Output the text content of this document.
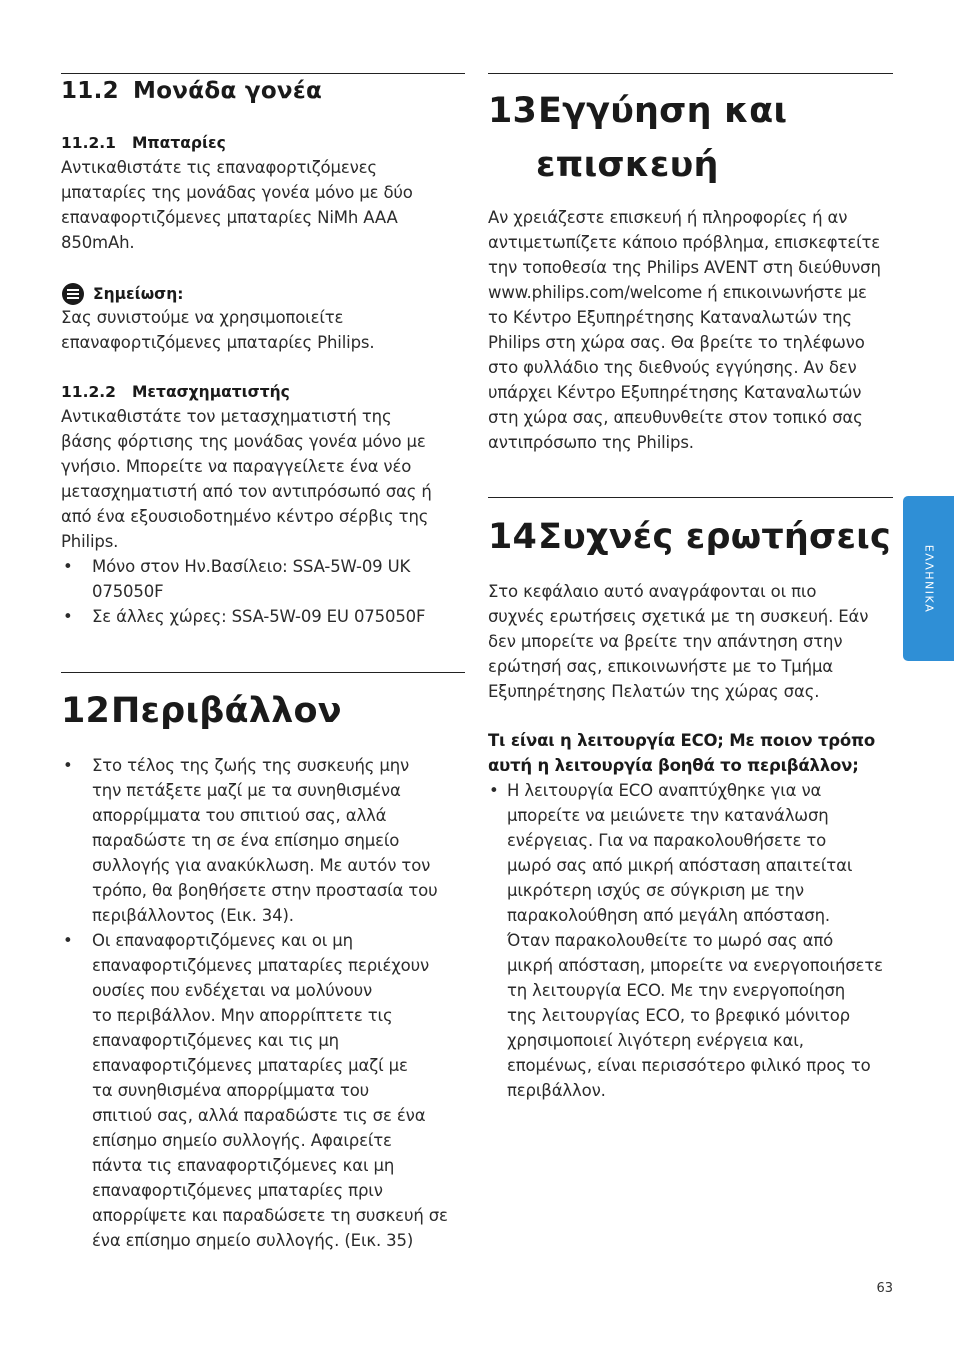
11.2 Μονάδα γονέα
11.2.1 Μπαταρίες

Αντικαθιστάτε τις επαναφορτιζόμενες

μπαταρίες της μονάδας γονέα μόνο με δύο

επαναφορτιζόμενες μπαταρίες NiMh AAA

850mAh.

Σημείωση:

Σας συνιστούμε να χρησιμοποιείτε

επαναφορτιζόμενες μπαταρίες Philips.

11.2.2 Μετασχηματιστής

Αντικαθιστάτε τον μετασχηματιστή της

βάσης φόρτισης της μονάδας γονέα μόνο με

γνήσιο. Μπορείτε να παραγγείλετε ένα νέο

μετασχηματιστή από τον αντιπρόσωπό σας ή

από ένα εξουσιοδοτημένο κέντρο σέρβις της

Philips.

• Μόνο στον Ην.Βασίλειο: SSA-5W-09 UK

075050F

• Σε άλλες χώρες: SSA-5W-09 EU 075050F

12Περιβάλλον
• Στο τέλος της ζωής της συσκευής μην

την πετάξετε μαζί με τα συνηθισμένα

απορρίμματα του σπιτιού σας, αλλά

παραδώστε τη σε ένα επίσημο σημείο

συλλογής για ανακύκλωση. Με αυτόν τον

τρόπο, θα βοηθήσετε στην προστασία του

περιβάλλοντος (Εικ. 34).

• Οι επαναφορτιζόμενες και οι μη

επαναφορτιζόμενες μπαταρίες περιέχουν

ουσίες που ενδέχεται να μολύνουν

το περιβάλλον. Μην απορρίπτετε τις

επαναφορτιζόμενες και τις μη

επαναφορτιζόμενες μπαταρίες μαζί με

τα συνηθισμένα απορρίμματα του

σπιτιού σας, αλλά παραδώστε τις σε ένα

επίσημο σημείο συλλογής. Αφαιρείτε

πάντα τις επαναφορτιζόμενες και μη

επαναφορτιζόμενες μπαταρίες πριν

απορρίψετε και παραδώσετε τη συσκευή σε

ένα επίσημο σημείο συλλογής. (Εικ. 35)

13Εγγύηση και
επισκευή

Αν χρειάζεστε επισκευή ή πληροφορίες ή αν

αντιμετωπίζετε κάποιο πρόβλημα, επισκεφτείτε

την τοποθεσία της Philips AVENT στη διεύθυνση

www.philips.com/welcome ή επικοινωνήστε με

το Κέντρο Εξυπηρέτησης Καταναλωτών της

Philips στη χώρα σας. Θα βρείτε το τηλέφωνο

στο φυλλάδιο της διεθνούς εγγύησης. Αν δεν

υπάρχει Κέντρο Εξυπηρέτησης Καταναλωτών

στη χώρα σας, απευθυνθείτε στον τοπικό σας

αντιπρόσωπο της Philips.

14Συχνές ερωτήσεις

Στο κεφάλαιο αυτό αναγράφονται οι πιο

συχνές ερωτήσεις σχετικά με τη συσκευή. Εάν

δεν μπορείτε να βρείτε την απάντηση στην

ερώτησή σας, επικοινωνήστε με το Τμήμα

Εξυπηρέτησης Πελατών της χώρας σας.

Τι είναι η λειτουργία ECO; Με ποιον τρόπο

αυτή η λειτουργία βοηθά το περιβάλλον;

• Η λειτουργία ECO αναπτύχθηκε για να

μπορείτε να μειώνετε την κατανάλωση

ενέργειας. Για να παρακολουθήσετε το

μωρό σας από μικρή απόσταση απαιτείται

μικρότερη ισχύς σε σύγκριση με την

παρακολούθηση από μεγάλη απόσταση.

Όταν παρακολουθείτε το μωρό σας από

μικρή απόσταση, μπορείτε να ενεργοποιήσετε

τη λειτουργία ECO. Με την ενεργοποίηση

της λειτουργίας ECO, το βρεφικό μόνιτορ

χρησιμοποιεί λιγότερη ενέργεια και,

επομένως, είναι περισσότερο φιλικό προς το

περιβάλλον.

ΕΛΛΗΝΙΚΑ
63
